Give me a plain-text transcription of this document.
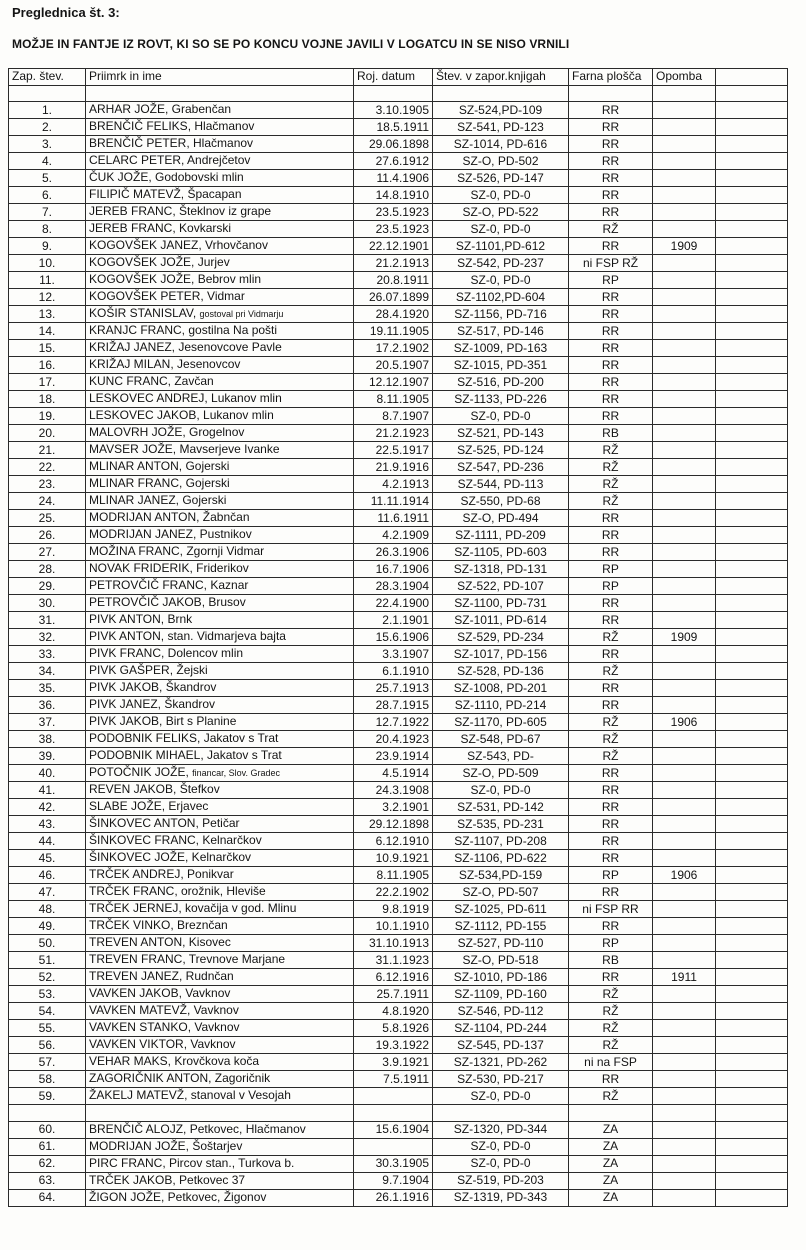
Preglednica št. 3:
MOŽJE IN FANTJE IZ ROVT, KI SO SE PO KONCU VOJNE JAVILI V LOGATCU IN SE NISO VRNILI
Zap. štev.	Priimrk in ime	Roj. datum	Štev. v zapor.knjigah	Farna plošča	Opomba	

1.	ARHAR JOŽE, Grabenčan	3.10.1905	SZ-524,PD-109	RR		
2.	BRENČIČ FELIKS, Hlačmanov	18.5.1911	SZ-541, PD-123	RR		
3.	BRENČIČ PETER, Hlačmanov	29.06.1898	SZ-1014, PD-616	RR		
4.	CELARC PETER, Andrejčetov	27.6.1912	SZ-O, PD-502	RR		
5.	ČUK JOŽE, Godobovski mlin	11.4.1906	SZ-526, PD-147	RR		
6.	FILIPIČ MATEVŽ, Špacapan	14.8.1910	SZ-0, PD-0	RR		
7.	JEREB FRANC, Šteklnov iz grape	23.5.1923	SZ-O, PD-522	RR		
8.	JEREB FRANC, Kovkarski	23.5.1923	SZ-0, PD-0	RŽ		
9.	KOGOVŠEK JANEZ, Vrhovčanov	22.12.1901	SZ-1101,PD-612	RR	1909	
10.	KOGOVŠEK JOŽE, Jurjev	21.2.1913	SZ-542, PD-237	ni FSP RŽ		
11.	KOGOVŠEK JOŽE, Bebrov mlin	20.8.1911	SZ-0, PD-0	RP		
12.	KOGOVŠEK PETER, Vidmar	26.07.1899	SZ-1102,PD-604	RR		
13.	KOŠIR STANISLAV, gostoval pri Vidmarju	28.4.1920	SZ-1156, PD-716	RR		
14.	KRANJC FRANC, gostilna Na pošti	19.11.1905	SZ-517, PD-146	RR		
15.	KRIŽAJ JANEZ, Jesenovcove Pavle	17.2.1902	SZ-1009, PD-163	RR		
16.	KRIŽAJ MILAN, Jesenovcov	20.5.1907	SZ-1015, PD-351	RR		
17.	KUNC FRANC, Zavčan	12.12.1907	SZ-516, PD-200	RR		
18.	LESKOVEC ANDREJ, Lukanov mlin	8.11.1905	SZ-1133, PD-226	RR		
19.	LESKOVEC JAKOB, Lukanov mlin	8.7.1907	SZ-0, PD-0	RR		
20.	MALOVRH JOŽE, Grogelnov	21.2.1923	SZ-521, PD-143	RB		
21.	MAVSER JOŽE, Mavserjeve Ivanke	22.5.1917	SZ-525, PD-124	RŽ		
22.	MLINAR ANTON, Gojerski	21.9.1916	SZ-547, PD-236	RŽ		
23.	MLINAR FRANC, Gojerski	4.2.1913	SZ-544, PD-113	RŽ		
24.	MLINAR JANEZ, Gojerski	11.11.1914	SZ-550, PD-68	RŽ		
25.	MODRIJAN ANTON, Žabnčan	11.6.1911	SZ-O, PD-494	RR		
26.	MODRIJAN JANEZ, Pustnikov	4.2.1909	SZ-1111, PD-209	RR		
27.	MOŽINA FRANC, Zgornji Vidmar	26.3.1906	SZ-1105, PD-603	RR		
28.	NOVAK FRIDERIK, Friderikov	16.7.1906	SZ-1318, PD-131	RP		
29.	PETROVČIČ FRANC, Kaznar	28.3.1904	SZ-522, PD-107	RP		
30.	PETROVČIČ JAKOB, Brusov	22.4.1900	SZ-1100, PD-731	RR		
31.	PIVK ANTON, Brnk	2.1.1901	SZ-1011, PD-614	RR		
32.	PIVK ANTON, stan. Vidmarjeva bajta	15.6.1906	SZ-529, PD-234	RŽ	1909	
33.	PIVK FRANC, Dolencov mlin	3.3.1907	SZ-1017, PD-156	RR		
34.	PIVK GAŠPER, Žejski	6.1.1910	SZ-528, PD-136	RŽ		
35.	PIVK JAKOB, Škandrov	25.7.1913	SZ-1008, PD-201	RR		
36.	PIVK JANEZ, Škandrov	28.7.1915	SZ-1110, PD-214	RR		
37.	PIVK JAKOB, Birt s Planine	12.7.1922	SZ-1170, PD-605	RŽ	1906	
38.	PODOBNIK FELIKS, Jakatov s Trat	20.4.1923	SZ-548, PD-67	RŽ		
39.	PODOBNIK MIHAEL, Jakatov s Trat	23.9.1914	SZ-543, PD-	RŽ		
40.	POTOČNIK JOŽE, financar, Slov. Gradec	4.5.1914	SZ-O, PD-509	RR		
41.	REVEN JAKOB, Štefkov	24.3.1908	SZ-0, PD-0	RR		
42.	SLABE JOŽE, Erjavec	3.2.1901	SZ-531, PD-142	RR		
43.	ŠINKOVEC ANTON, Petičar	29.12.1898	SZ-535, PD-231	RR		
44.	ŠINKOVEC FRANC, Kelnarčkov	6.12.1910	SZ-1107, PD-208	RR		
45.	ŠINKOVEC JOŽE, Kelnarčkov	10.9.1921	SZ-1106, PD-622	RR		
46.	TRČEK ANDREJ, Ponikvar	8.11.1905	SZ-534,PD-159	RP	1906	
47.	TRČEK FRANC, orožnik, Hleviše	22.2.1902	SZ-O, PD-507	RR		
48.	TRČEK JERNEJ, kovačija v god. Mlinu	9.8.1919	SZ-1025, PD-611	ni FSP RR		
49.	TRČEK VINKO, Breznčan	10.1.1910	SZ-1112, PD-155	RR		
50.	TREVEN ANTON, Kisovec	31.10.1913	SZ-527, PD-110	RP		
51.	TREVEN FRANC, Trevnove Marjane	31.1.1923	SZ-O, PD-518	RB		
52.	TREVEN JANEZ, Rudnčan	6.12.1916	SZ-1010, PD-186	RR	1911	
53.	VAVKEN JAKOB, Vavknov	25.7.1911	SZ-1109, PD-160	RŽ		
54.	VAVKEN MATEVŽ, Vavknov	4.8.1920	SZ-546, PD-112	RŽ		
55.	VAVKEN STANKO, Vavknov	5.8.1926	SZ-1104, PD-244	RŽ		
56.	VAVKEN VIKTOR, Vavknov	19.3.1922	SZ-545, PD-137	RŽ		
57.	VEHAR MAKS, Krovčkova koča	3.9.1921	SZ-1321, PD-262	ni na FSP		
58.	ZAGORIČNIK ANTON, Zagoričnik	7.5.1911	SZ-530, PD-217	RR		
59.	ŽAKELJ MATEVŽ, stanoval v Vesojah		SZ-0, PD-0	RŽ		

60.	BRENČIČ ALOJZ, Petkovec, Hlačmanov	15.6.1904	SZ-1320, PD-344	ZA		
61.	MODRIJAN JOŽE, Šoštarjev		SZ-0, PD-0	ZA		
62.	PIRC FRANC, Pircov stan., Turkova b.	30.3.1905	SZ-0, PD-0	ZA		
63.	TRČEK JAKOB, Petkovec 37	9.7.1904	SZ-519, PD-203	ZA		
64.	ŽIGON JOŽE, Petkovec, Žigonov	26.1.1916	SZ-1319, PD-343	ZA		
